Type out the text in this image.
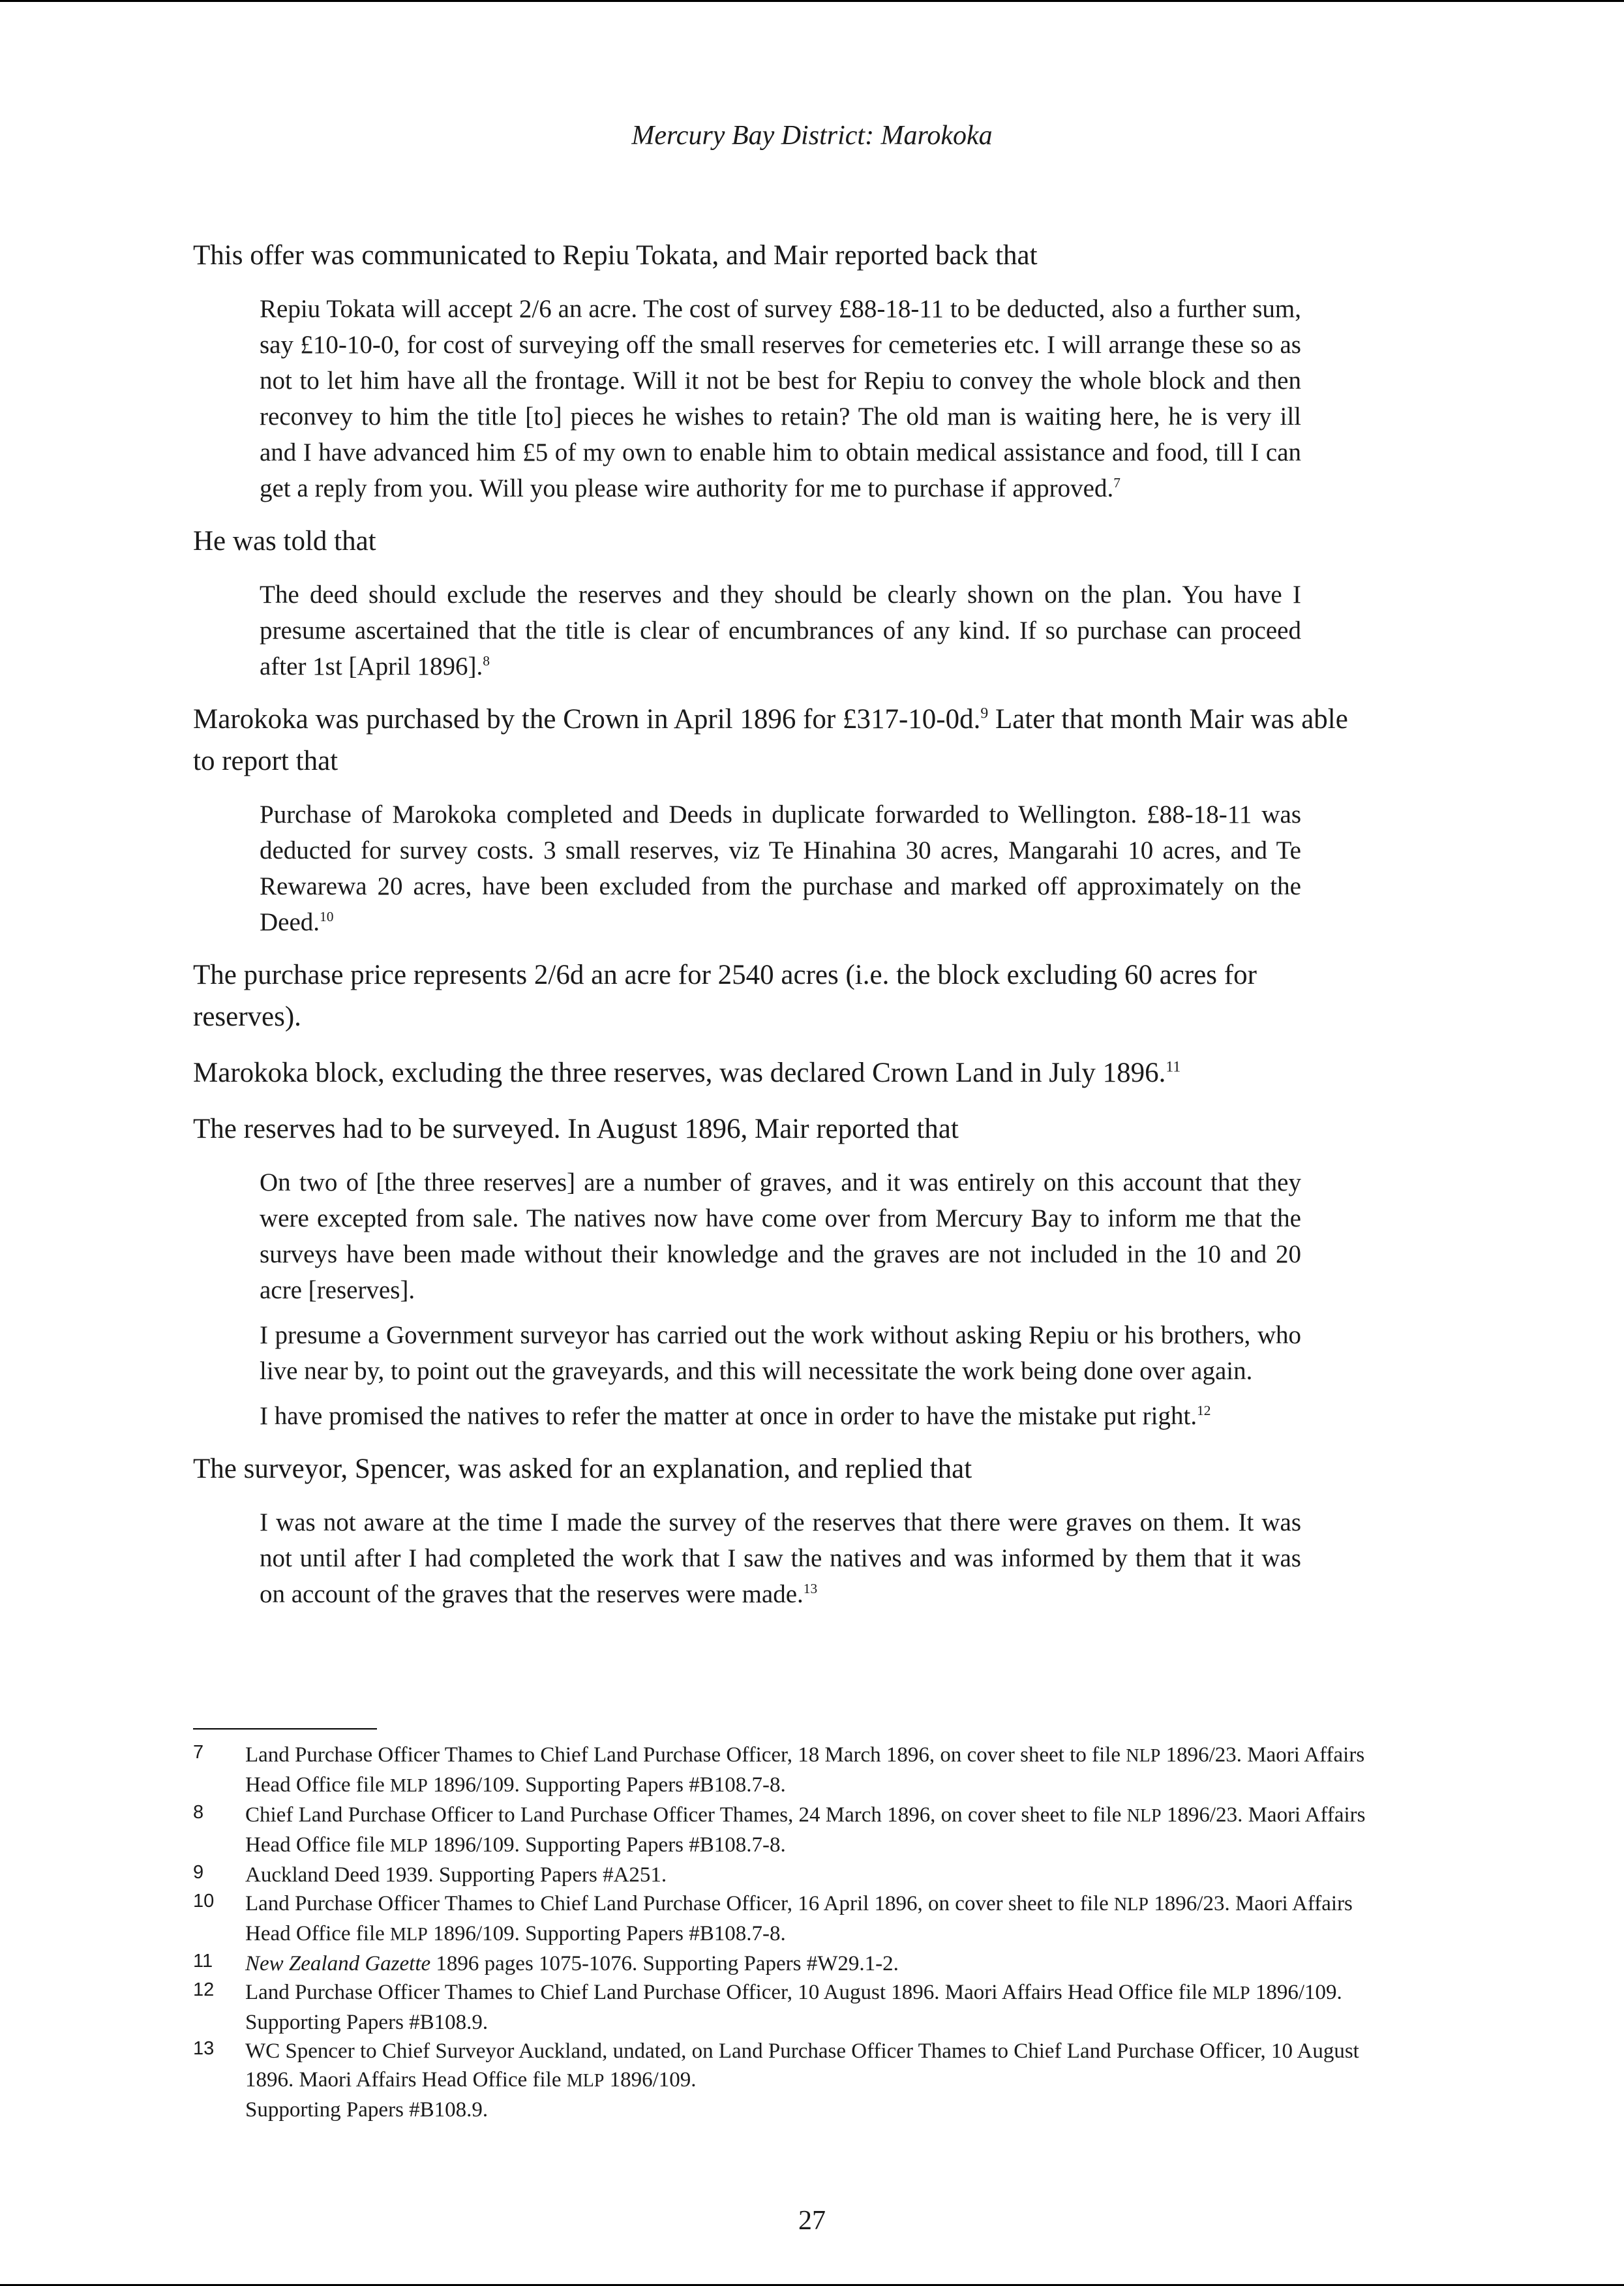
Mercury Bay District: Marokoka

This offer was communicated to Repiu Tokata, and Mair reported back that

Repiu Tokata will accept 2/6 an acre. The cost of survey £88-18-11 to be deducted, also a further sum, say £10-10-0, for cost of surveying off the small reserves for cemeteries etc. I will arrange these so as not to let him have all the frontage. Will it not be best for Repiu to convey the whole block and then reconvey to him the title [to] pieces he wishes to retain? The old man is waiting here, he is very ill and I have advanced him £5 of my own to enable him to obtain medical assistance and food, till I can get a reply from you. Will you please wire authority for me to purchase if approved.$^7$

He was told that

The deed should exclude the reserves and they should be clearly shown on the plan. You have I presume ascertained that the title is clear of encumbrances of any kind. If so purchase can proceed after 1st [April 1896].$^8$

Marokoka was purchased by the Crown in April 1896 for £317-10-0d.$^9$ Later that month Mair was able to report that

Purchase of Marokoka completed and Deeds in duplicate forwarded to Wellington. £88-18-11 was deducted for survey costs. 3 small reserves, viz Te Hinahina 30 acres, Mangarahi 10 acres, and Te Rewarewa 20 acres, have been excluded from the purchase and marked off approximately on the Deed.$^{10}$

The purchase price represents 2/6d an acre for 2540 acres (i.e. the block excluding 60 acres for reserves).

Marokoka block, excluding the three reserves, was declared Crown Land in July 1896.11

The reserves had to be surveyed. In August 1896, Mair reported that

On two of [the three reserves] are a number of graves, and it was entirely on this account that they were excepted from sale. The natives now have come over from Mercury Bay to inform me that the surveys have been made without their knowledge and the graves are not included in the 10 and 20 acre [reserves].

I presume a Government surveyor has carried out the work without asking Repiu or his brothers, who live near by, to point out the graveyards, and this will necessitate the work being done over again.

I have promised the natives to refer the matter at once in order to have the mistake put right.$^{12}$

The surveyor, Spencer, was asked for an explanation, and replied that

I was not aware at the time I made the survey of the reserves that there were graves on them. It was not until after I had completed the work that I saw the natives and was informed by them that it was on account of the graves that the reserves were made.$^{13}$

7 Land Purchase Officer Thames to Chief Land Purchase Officer, 18 March 1896, on cover sheet to file NLP 1896/23. Maori Affairs Head Office file MLP 1896/109. Supporting Papers #B108.7-8.
8 Chief Land Purchase Officer to Land Purchase Officer Thames, 24 March 1896, on cover sheet to file NLP 1896/23. Maori Affairs Head Office file MLP 1896/109. Supporting Papers #B108.7-8.
9 Auckland Deed 1939. Supporting Papers #A251.
10 Land Purchase Officer Thames to Chief Land Purchase Officer, 16 April 1896, on cover sheet to file NLP 1896/23. Maori Affairs Head Office file MLP 1896/109. Supporting Papers #B108.7-8.
11 New Zealand Gazette 1896 pages 1075-1076. Supporting Papers #W29.1-2.
12 Land Purchase Officer Thames to Chief Land Purchase Officer, 10 August 1896. Maori Affairs Head Office file MLP 1896/109. Supporting Papers #B108.9.
13 WC Spencer to Chief Surveyor Auckland, undated, on Land Purchase Officer Thames to Chief Land Purchase Officer, 10 August 1896. Maori Affairs Head Office file MLP 1896/109.
Supporting Papers #B108.9.
27
